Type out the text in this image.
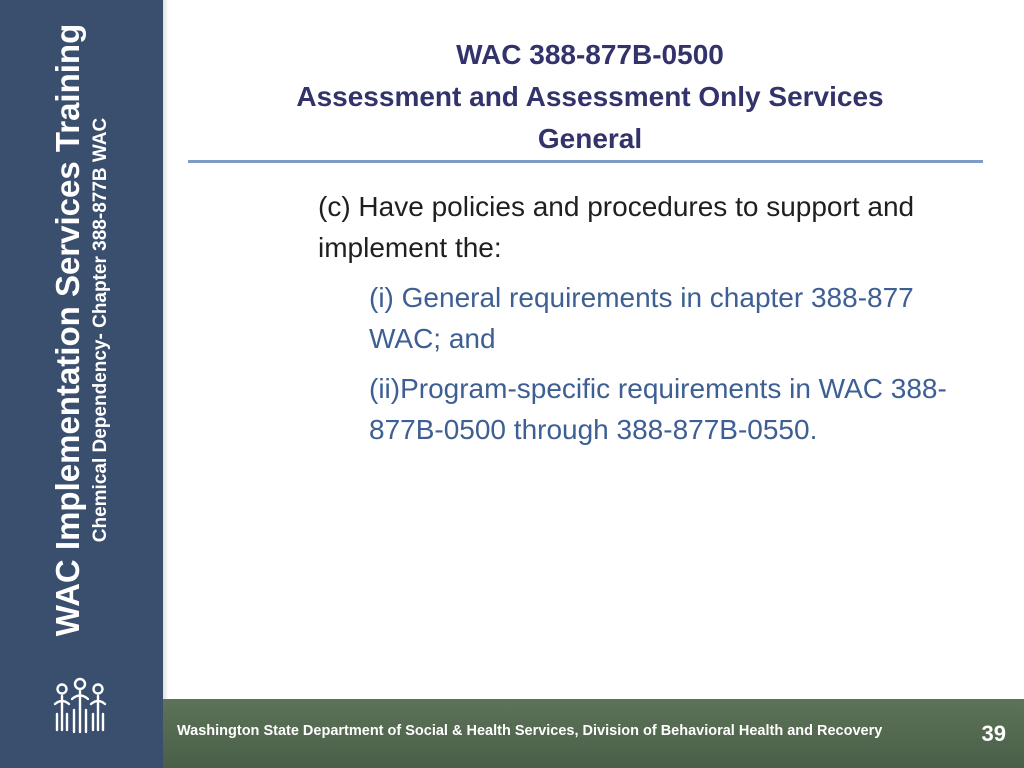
WAC Implementation Services Training Chemical Dependency- Chapter 388-877B WAC
WAC 388-877B-0500
Assessment and Assessment Only Services
General
(c) Have policies and procedures to support and implement the:
(i) General requirements in chapter 388-877 WAC; and
(ii)Program-specific requirements in WAC 388-877B-0500 through 388-877B-0550.
Washington State Department of Social & Health Services, Division of Behavioral Health and Recovery	39
